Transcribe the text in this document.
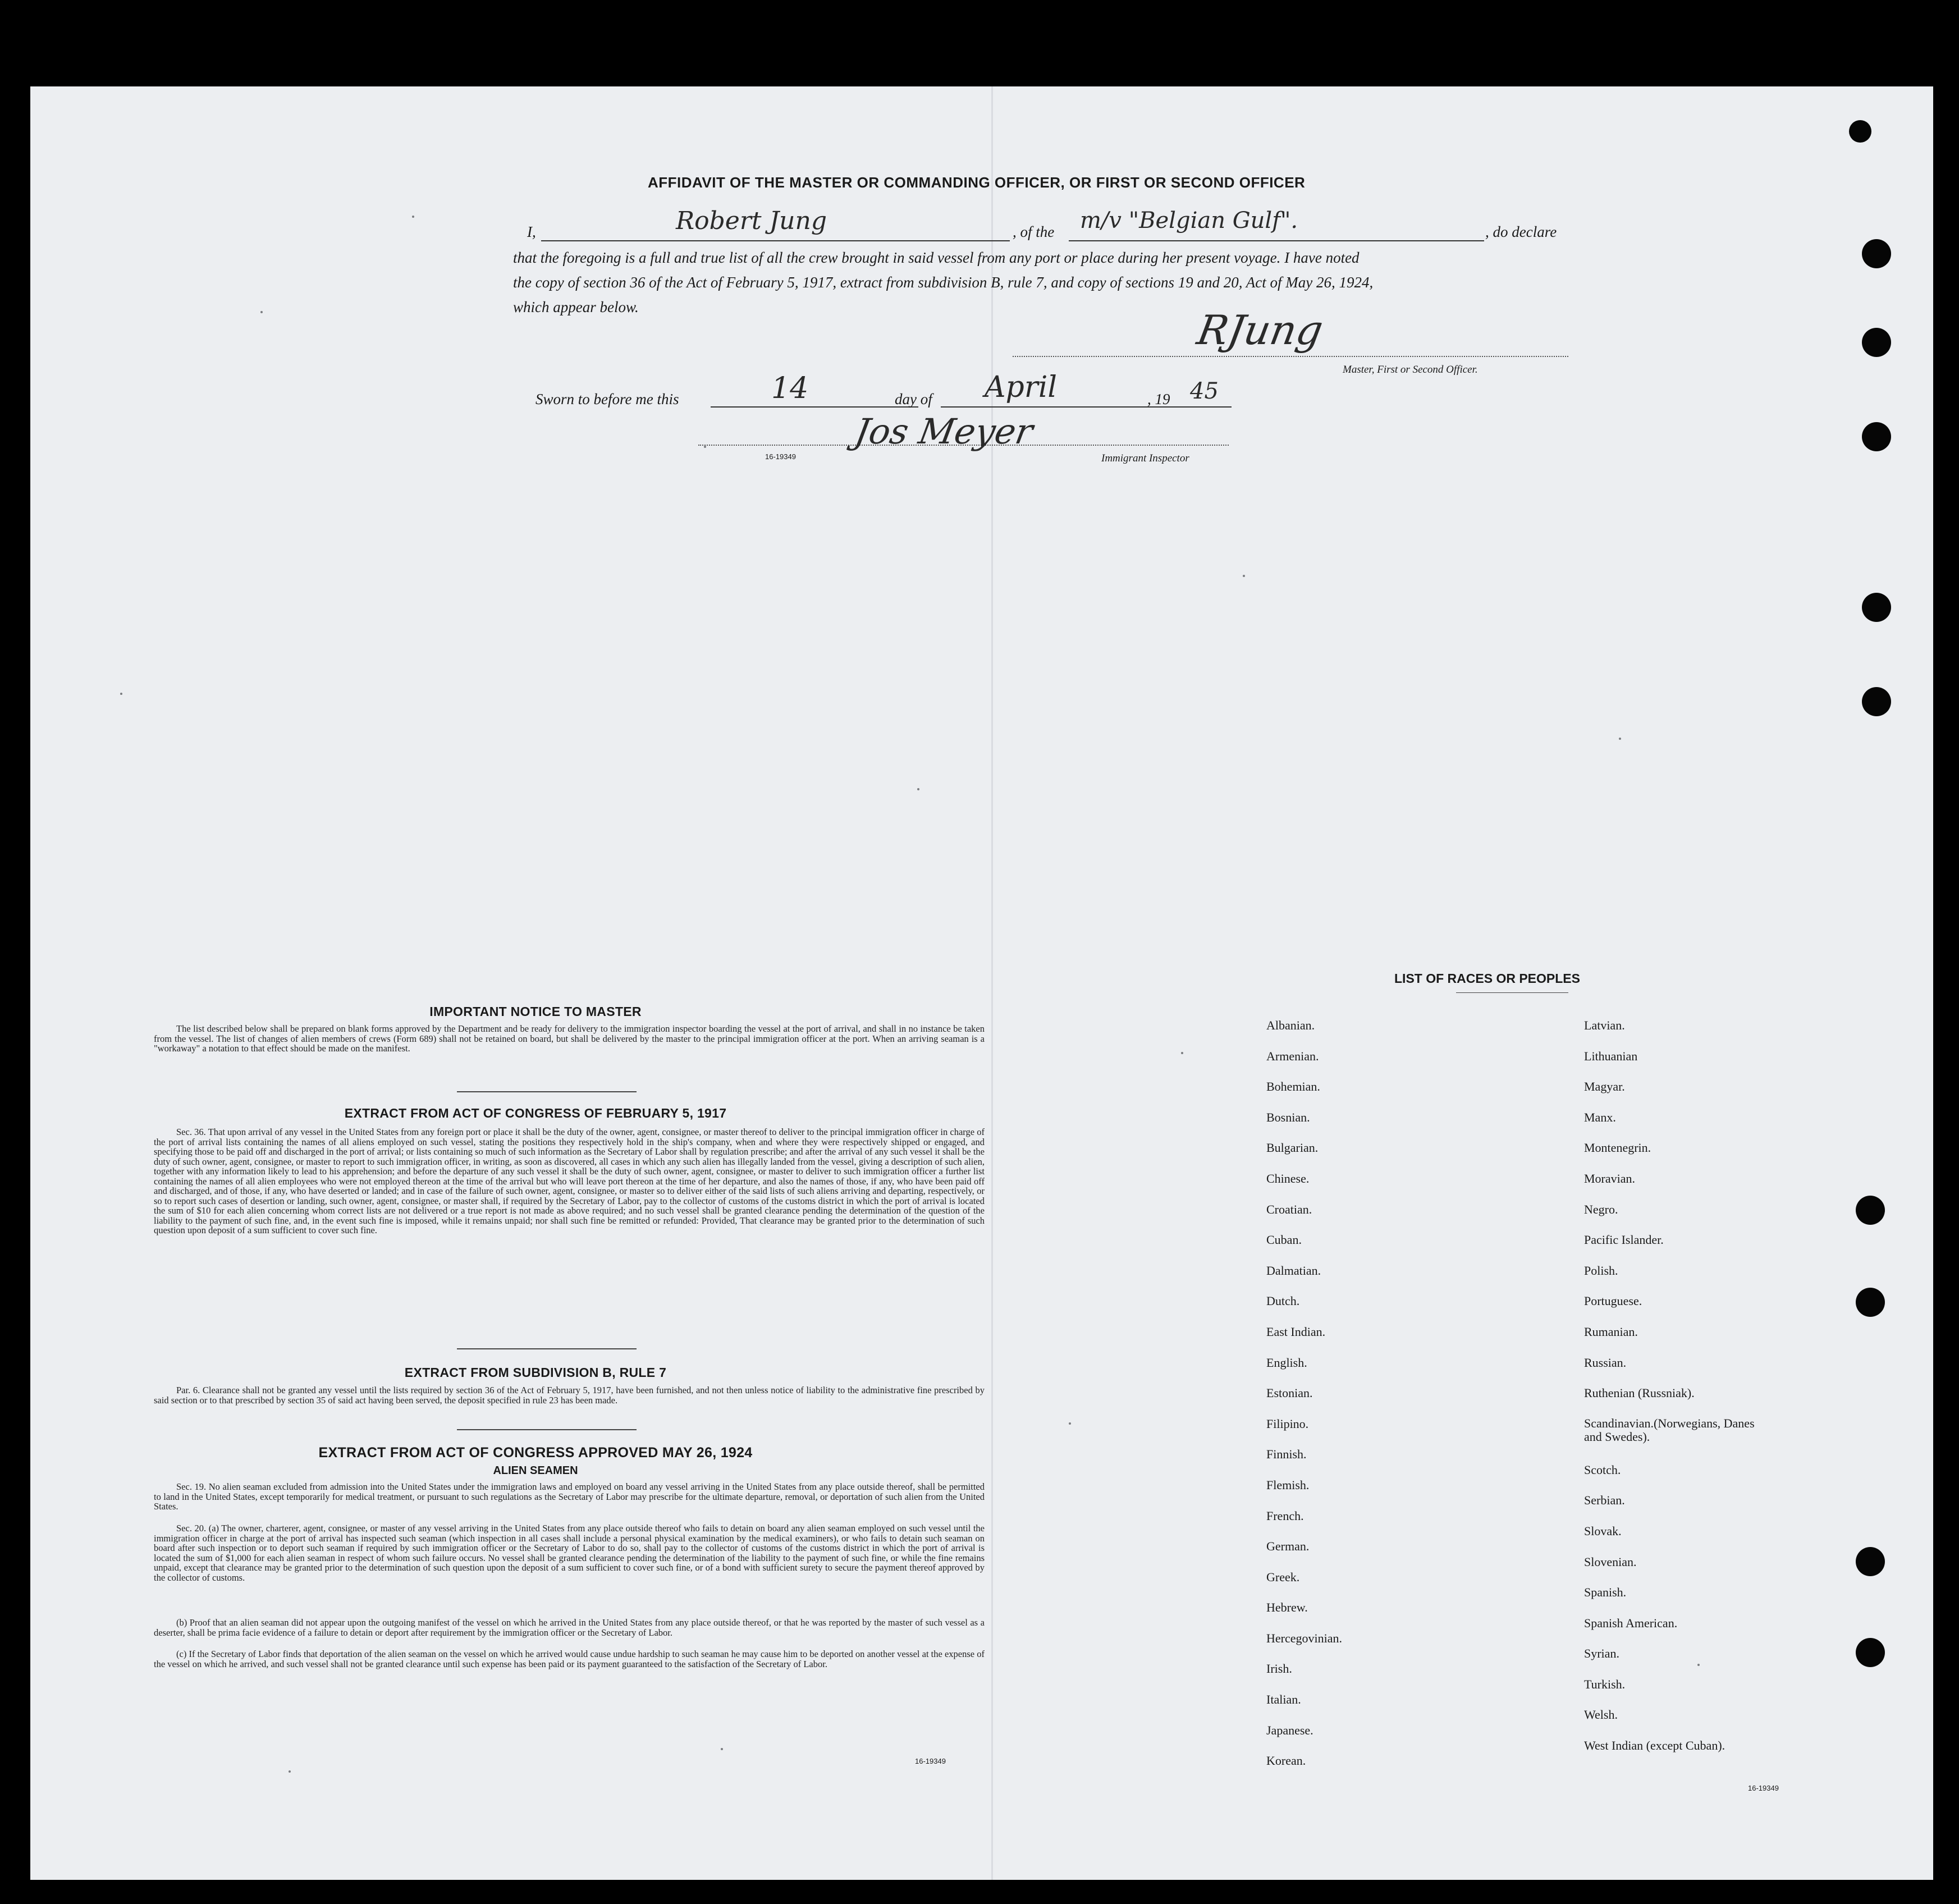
AFFIDAVIT OF THE MASTER OR COMMANDING OFFICER, OR FIRST OR SECOND OFFICER
I,	Robert Jung	, of the m/v "Belgian Gulf".	, do declare
that the foregoing is a full and true list of all the crew brought in said vessel from any port or place during her present voyage. I have noted
the copy of section 36 of the Act of February 5, 1917, extract from subdivision B, rule 7, and copy of sections 19 and 20, Act of May 26, 1924,
which appear below.	RJung
Master, First or Second Officer.
Sworn to before me this	14	day of April	, 19 45
Jos Meyer
Immigrant Inspector
16-19349
IMPORTANT NOTICE TO MASTER
The list described below shall be prepared on blank forms approved by the Department and be ready for delivery to the immigration inspector boarding the vessel at the port of arrival, and shall in no instance be taken from the vessel. The list of changes of alien members of crews (Form 689) shall not be retained on board, but shall be delivered by the master to the principal immigration officer at the port. When an arriving seaman is a "workaway" a notation to that effect should be made on the manifest.
EXTRACT FROM ACT OF CONGRESS OF FEBRUARY 5, 1917
Sec. 36. That upon arrival of any vessel in the United States from any foreign port or place it shall be the duty of the owner, agent, consignee, or master thereof to deliver to the principal immigration officer in charge of the port of arrival lists containing the names of all aliens employed on such vessel, stating the positions they respectively hold in the ship's company, when and where they were respectively shipped or engaged, and specifying those to be paid off and discharged in the port of arrival; or lists containing so much of such information as the Secretary of Labor shall by regulation prescribe; and after the arrival of any such vessel it shall be the duty of such owner, agent, consignee, or master to report to such immigration officer, in writing, as soon as discovered, all cases in which any such alien has illegally landed from the vessel, giving a description of such alien, together with any information likely to lead to his apprehension; and before the departure of any such vessel it shall be the duty of such owner, agent, consignee, or master to deliver to such immigration officer a further list containing the names of all alien employees who were not employed thereon at the time of the arrival but who will leave port thereon at the time of her departure, and also the names of those, if any, who have been paid off and discharged, and of those, if any, who have deserted or landed; and in case of the failure of such owner, agent, consignee, or master so to deliver either of the said lists of such aliens arriving and departing, respectively, or so to report such cases of desertion or landing, such owner, agent, consignee, or master shall, if required by the Secretary of Labor, pay to the collector of customs of the customs district in which the port of arrival is located the sum of $10 for each alien concerning whom correct lists are not delivered or a true report is not made as above required; and no such vessel shall be granted clearance pending the determination of the question of the liability to the payment of such fine, and, in the event such fine is imposed, while it remains unpaid; nor shall such fine be remitted or refunded: Provided, That clearance may be granted prior to the determination of such question upon deposit of a sum sufficient to cover such fine.
EXTRACT FROM SUBDIVISION B, RULE 7
Par. 6. Clearance shall not be granted any vessel until the lists required by section 36 of the Act of February 5, 1917, have been furnished, and not then unless notice of liability to the administrative fine prescribed by said section or to that prescribed by section 35 of said act having been served, the deposit specified in rule 23 has been made.
EXTRACT FROM ACT OF CONGRESS APPROVED MAY 26, 1924
ALIEN SEAMEN
Sec. 19. No alien seaman excluded from admission into the United States under the immigration laws and employed on board any vessel arriving in the United States from any place outside thereof, shall be permitted to land in the United States, except temporarily for medical treatment, or pursuant to such regulations as the Secretary of Labor may prescribe for the ultimate departure, removal, or deportation of such alien from the United States.
Sec. 20. (a) The owner, charterer, agent, consignee, or master of any vessel arriving in the United States from any place outside thereof who fails to detain on board any alien seaman employed on such vessel until the immigration officer in charge at the port of arrival has inspected such seaman (which inspection in all cases shall include a personal physical examination by the medical examiners), or who fails to detain such seaman on board after such inspection or to deport such seaman if required by such immigration officer or the Secretary of Labor to do so, shall pay to the collector of customs of the customs district in which the port of arrival is located the sum of $1,000 for each alien seaman in respect of whom such failure occurs. No vessel shall be granted clearance pending the determination of the liability to the payment of such fine, or while the fine remains unpaid, except that clearance may be granted prior to the determination of such question upon the deposit of a sum sufficient to cover such fine, or of a bond with sufficient surety to secure the payment thereof approved by the collector of customs.
(b) Proof that an alien seaman did not appear upon the outgoing manifest of the vessel on which he arrived in the United States from any place outside thereof, or that he was reported by the master of such vessel as a deserter, shall be prima facie evidence of a failure to detain or deport after requirement by the immigration officer or the Secretary of Labor.
(c) If the Secretary of Labor finds that deportation of the alien seaman on the vessel on which he arrived would cause undue hardship to such seaman he may cause him to be deported on another vessel at the expense of the vessel on which he arrived, and such vessel shall not be granted clearance until such expense has been paid or its payment guaranteed to the satisfaction of the Secretary of Labor.
16-19349
LIST OF RACES OR PEOPLES
Albanian.
Armenian.
Bohemian.
Bosnian.
Bulgarian.
Chinese.
Croatian.
Cuban.
Dalmatian.
Dutch.
East Indian.
English.
Estonian.
Filipino.
Finnish.
Flemish.
French.
German.
Greek.
Hebrew.
Hercegovinian.
Irish.
Italian.
Japanese.
Korean.
Latvian.
Lithuanian
Magyar.
Manx.
Montenegrin.
Moravian.
Negro.
Pacific Islander.
Polish.
Portuguese.
Rumanian.
Russian.
Ruthenian (Russniak).
Scandinavian.(Norwegians, Danes and Swedes).
Scotch.
Serbian.
Slovak.
Slovenian.
Spanish.
Spanish American.
Syrian.
Turkish.
Welsh.
West Indian (except Cuban).
16-19349
